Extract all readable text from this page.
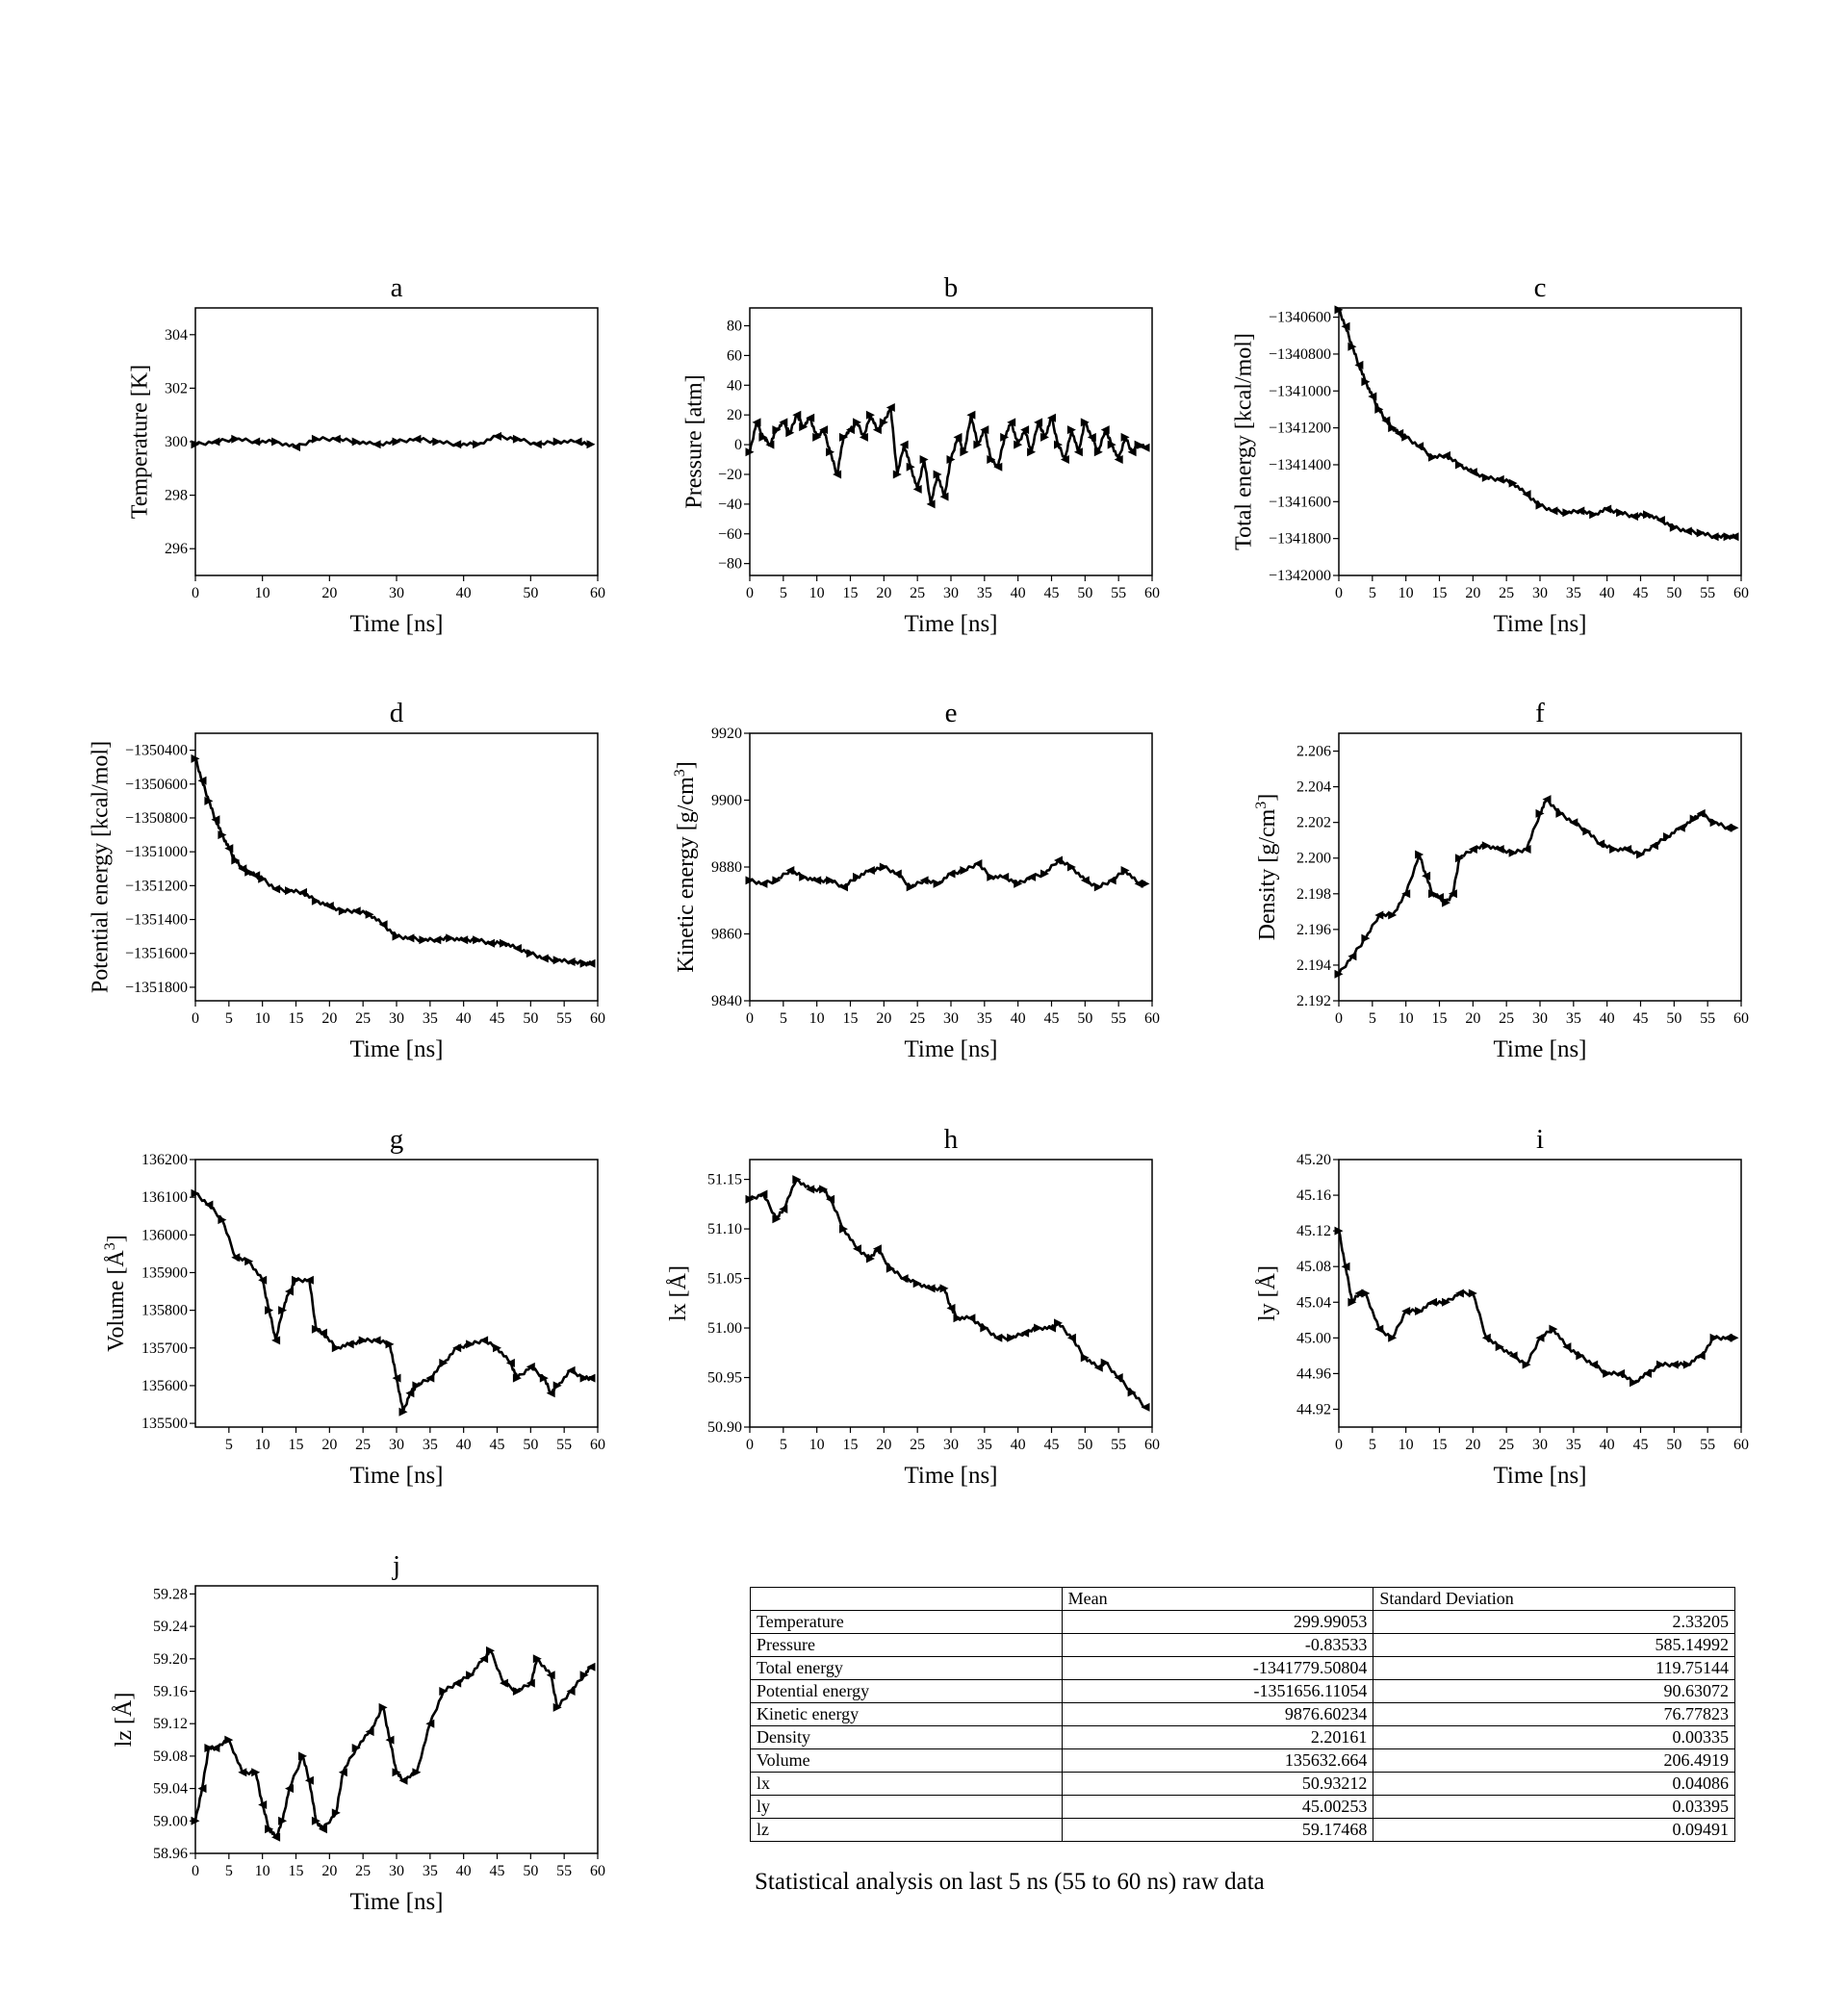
a
0	10	20	30	40	50	60
296
298
300
302
304
Time [ns]
Temperature [K]
b
0 5 10 15 20 25 30 35 40 45 50 55 60
−80
−60
−40
−20
0
20
40
60
80
Time [ns]
Pressure [atm]
c
0 5 10 15 20 25 30 35 40 45 50 55 60
−1342000
−1341800
−1341600
−1341400
−1341200
−1341000
−1340800
−1340600
Time [ns]
Total energy [kcal/mol]
d
0 5 10 15 20 25 30 35 40 45 50 55 60
−1351800
−1351600
−1351400
−1351200
−1351000
−1350800
−1350600
−1350400
Time [ns]
Potential energy [kcal/mol]
e
0 5 10 15 20 25 30 35 40 45 50 55 60
9840
9860
9880
9900
9920
Time [ns]
Kinetic energy $[g/cm^3]$
f
0 5 10 15 20 25 30 35 40 45 50 55 60
2.192
2.194
2.196
2.198
2.200
2.202
2.204
2.206
Time [ns]
Density $[g/cm^3]$
g
5 10 15 20 25 30 35 40 45 50 55 60
135500
135600
135700
135800
135900
136000
136100
136200
Time [ns]
Volume $[Å^3]$
h
0 5 10 15 20 25 30 35 40 45 50 55 60
50.90
50.95
51.00
51.05
51.10
51.15
Time [ns]
lx [Å]
i
0 5 10 15 20 25 30 35 40 45 50 55 60
44.92
44.96
45.00
45.04
45.08
45.12
45.16
45.20
Time [ns]
ly [Å]
j
0 5 10 15 20 25 30 35 40 45 50 55 60
58.96
59.00
59.04
59.08
59.12
59.16
59.20
59.24
59.28
Time [ns]
lz [Å]
	Mean	Standard Deviation
Temperature	299.99053	2.33205
Pressure	-0.83533	585.14992
Total energy	-1341779.50804	119.75144
Potential energy	-1351656.11054	90.63072
Kinetic energy	9876.60234	76.77823
Density	2.20161	0.00335
Volume	135632.664	206.4919
lx	50.93212	0.04086
ly	45.00253	0.03395
lz	59.17468	0.09491
Statistical analysis on last 5 ns (55 to 60 ns) raw data
